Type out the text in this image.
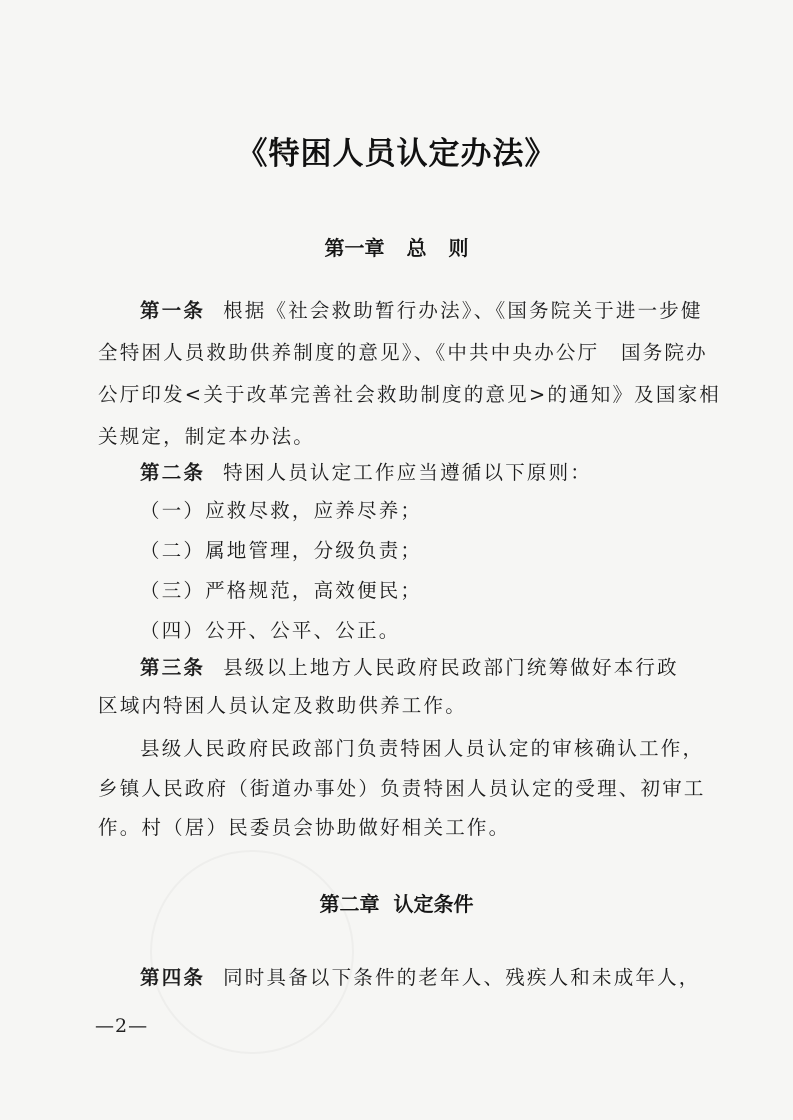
《特困人员认定办法》
第一章 总 则
第一条 根据《社会救助暂行办法》、《国务院关于进一步健
全特困人员救助供养制度的意见》、《中共中央办公厅　国务院办
公厅印发<关于改革完善社会救助制度的意见>的通知》及国家相
关规定，制定本办法。
第二条 特困人员认定工作应当遵循以下原则：
（一）应救尽救，应养尽养；
（二）属地管理，分级负责；
（三）严格规范，高效便民；
（四）公开、公平、公正。
第三条 县级以上地方人民政府民政部门统筹做好本行政
区域内特困人员认定及救助供养工作。
县级人民政府民政部门负责特困人员认定的审核确认工作，
乡镇人民政府（街道办事处）负责特困人员认定的受理、初审工
作。村（居）民委员会协助做好相关工作。
第二章 认定条件
第四条 同时具备以下条件的老年人、残疾人和未成年人，
—2—
